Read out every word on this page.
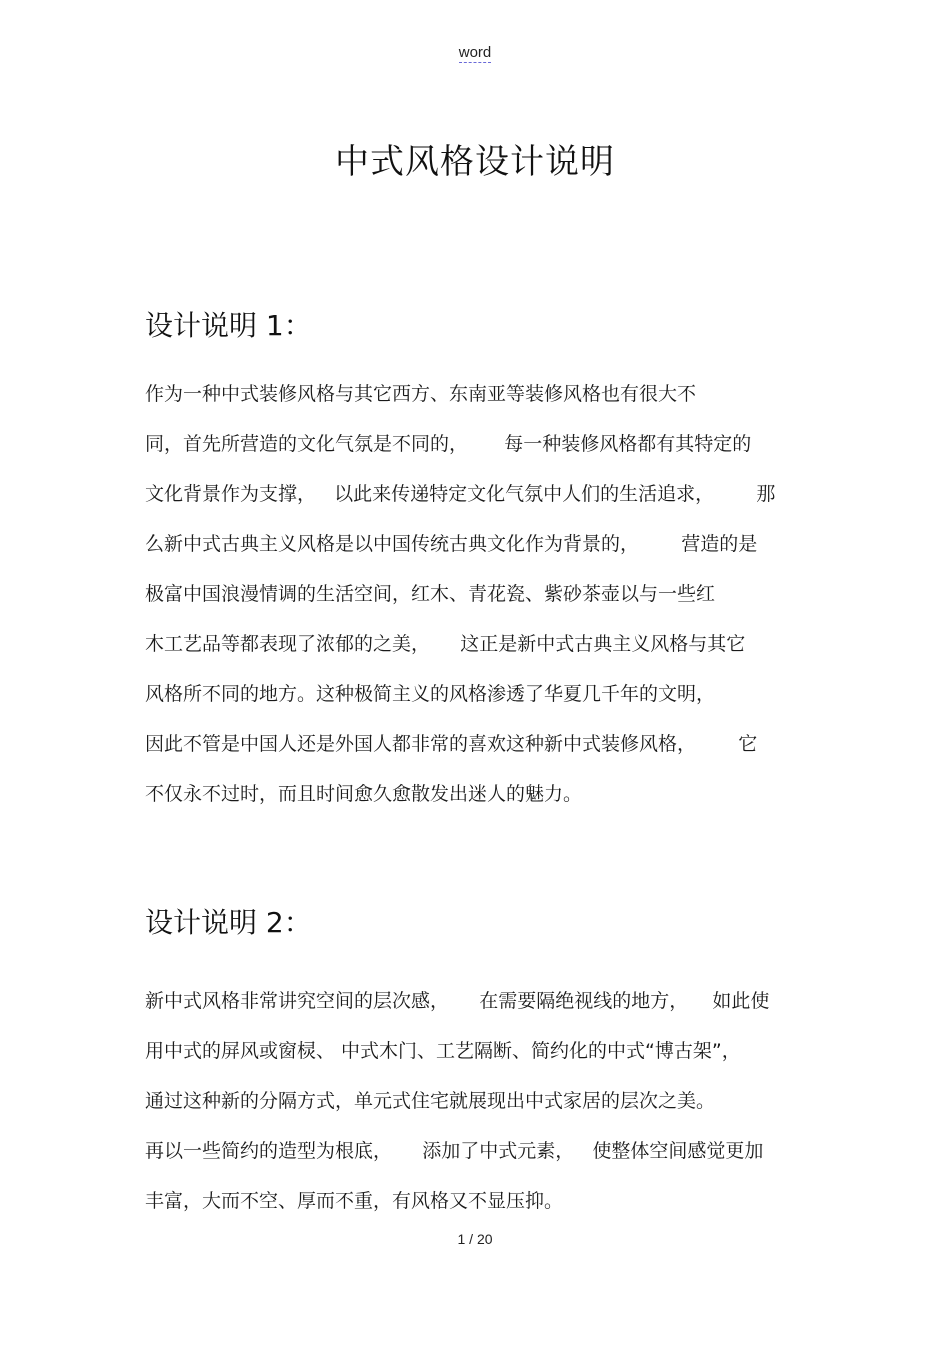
word
中式风格设计说明
设计说明 1：
作为一种中式装修风格与其它西方、东南亚等装修风格也有很大不
同，首先所营造的文化气氛是不同的，      每一种装修风格都有其特定的
文化背景作为支撑，   以此来传递特定文化气氛中人们的生活追求，       那
么新中式古典主义风格是以中国传统古典文化作为背景的，       营造的是
极富中国浪漫情调的生活空间，红木、青花瓷、紫砂茶壶以与一些红
木工艺品等都表现了浓郁的之美，     这正是新中式古典主义风格与其它
风格所不同的地方。这种极简主义的风格渗透了华夏几千年的文明，
因此不管是中国人还是外国人都非常的喜欢这种新中式装修风格，       它
不仅永不过时，而且时间愈久愈散发出迷人的魅力。
设计说明 2：
新中式风格非常讲究空间的层次感，     在需要隔绝视线的地方，    如此使
用中式的屏风或窗棂、 中式木门、工艺隔断、简约化的中式“博古架”，
通过这种新的分隔方式，单元式住宅就展现出中式家居的层次之美。
再以一些简约的造型为根底，     添加了中式元素，   使整体空间感觉更加
丰富，大而不空、厚而不重，有风格又不显压抑。
1 / 20
